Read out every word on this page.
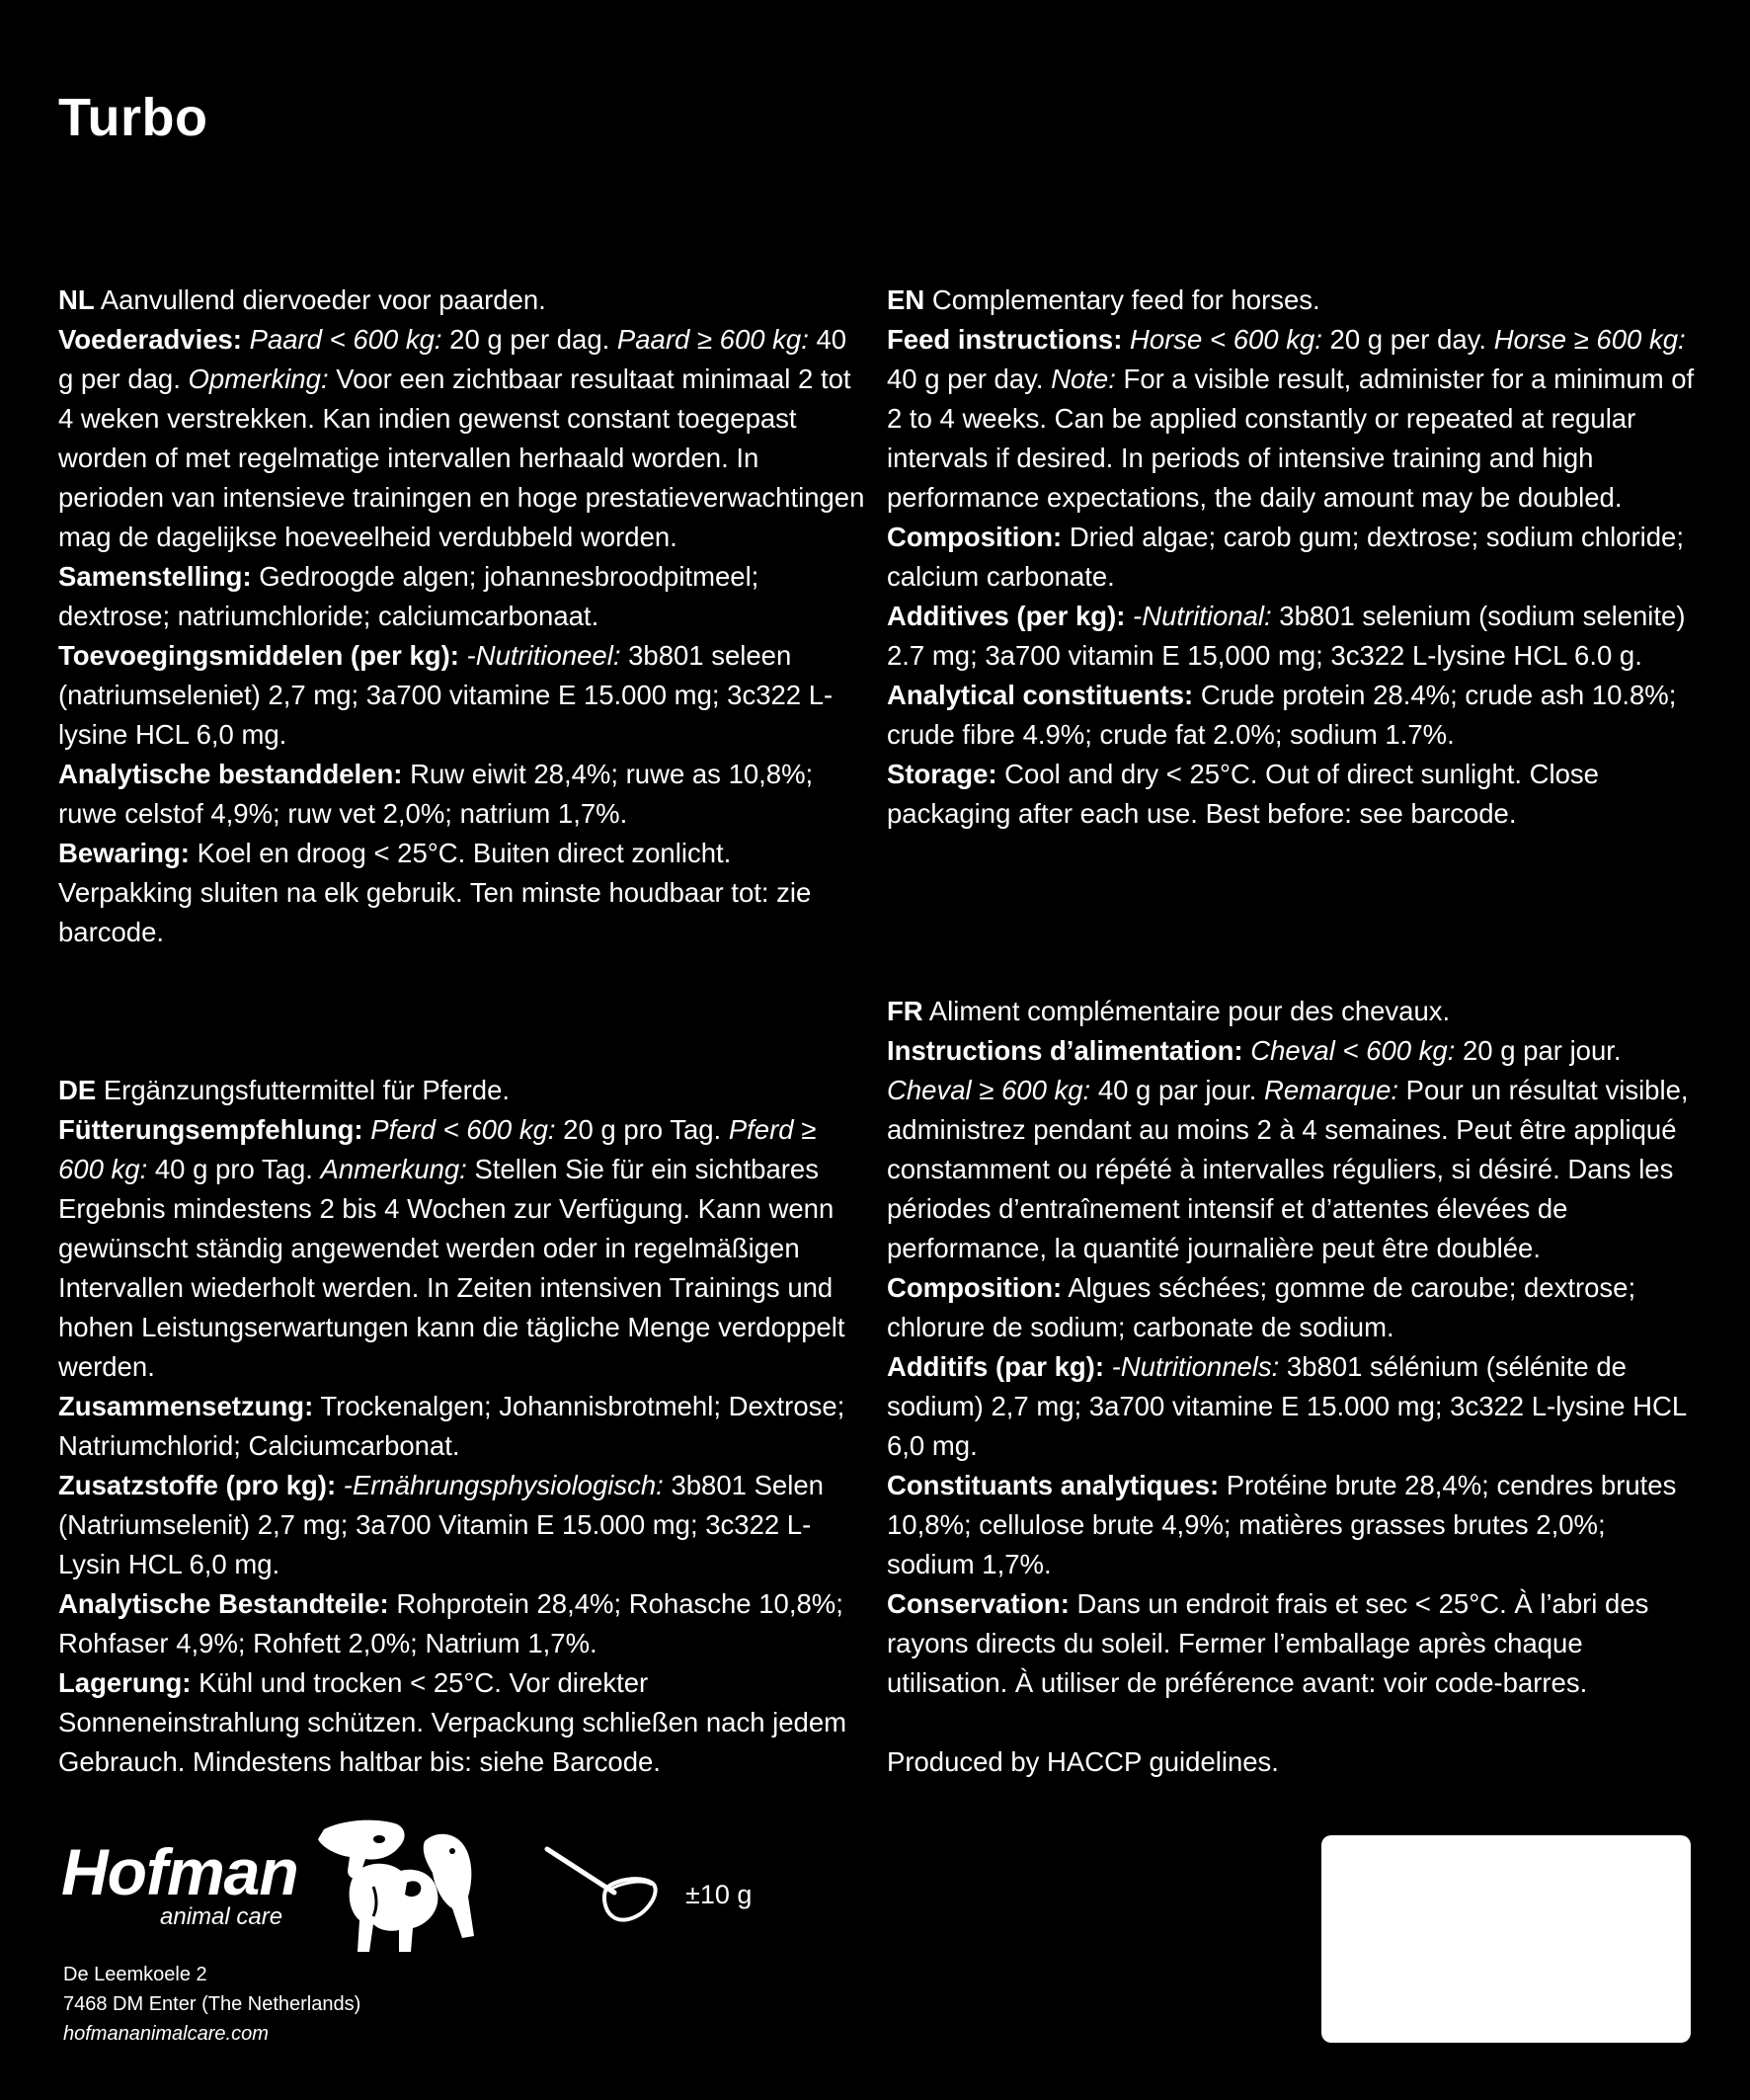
Turbo

NL Aanvullend diervoeder voor paarden.

Voederadvies: Paard < 600 kg: 20 g per dag. Paard ≥ 600 kg: 40 g per dag. Opmerking: Voor een zichtbaar resultaat minimaal 2 tot 4 weken verstrekken. Kan indien gewenst constant toegepast worden of met regelmatige intervallen herhaald worden. In perioden van intensieve trainingen en hoge prestatieverwachtingen mag de dagelijkse hoeveelheid verdubbeld worden.

Samenstelling: Gedroogde algen; johannesbroodpitmeel; dextrose; natriumchloride; calciumcarbonaat.

Toevoegingsmiddelen (per kg): -Nutritioneel: 3b801 seleen (natriumseleniet) 2,7 mg; 3a700 vitamine E 15.000 mg; 3c322 L-lysine HCL 6,0 mg.

Analytische bestanddelen: Ruw eiwit 28,4%; ruwe as 10,8%; ruwe celstof 4,9%; ruw vet 2,0%; natrium 1,7%.

Bewaring: Koel en droog < 25°C. Buiten direct zonlicht. Verpakking sluiten na elk gebruik. Ten minste houdbaar tot: zie barcode.

DE Ergänzungsfuttermittel für Pferde.

Fütterungsempfehlung: Pferd < 600 kg: 20 g pro Tag. Pferd ≥ 600 kg: 40 g pro Tag. Anmerkung: Stellen Sie für ein sichtbares Ergebnis mindestens 2 bis 4 Wochen zur Verfügung. Kann wenn gewünscht ständig angewendet werden oder in regelmäßigen Intervallen wiederholt werden. In Zeiten intensiven Trainings und hohen Leistungserwartungen kann die tägliche Menge verdoppelt werden.

Zusammensetzung: Trockenalgen; Johannisbrotmehl; Dextrose; Natriumchlorid; Calciumcarbonat.

Zusatzstoffe (pro kg): -Ernährungsphysiologisch: 3b801 Selen (Natriumselenit) 2,7 mg; 3a700 Vitamin E 15.000 mg; 3c322 L-Lysin HCL 6,0 mg.

Analytische Bestandteile: Rohprotein 28,4%; Rohasche 10,8%; Rohfaser 4,9%; Rohfett 2,0%; Natrium 1,7%.

Lagerung: Kühl und trocken < 25°C. Vor direkter Sonneneinstrahlung schützen. Verpackung schließen nach jedem Gebrauch. Mindestens haltbar bis: siehe Barcode.

EN Complementary feed for horses.

Feed instructions: Horse < 600 kg: 20 g per day. Horse ≥ 600 kg: 40 g per day. Note: For a visible result, administer for a minimum of 2 to 4 weeks. Can be applied constantly or repeated at regular intervals if desired. In periods of intensive training and high performance expectations, the daily amount may be doubled.

Composition: Dried algae; carob gum; dextrose; sodium chloride; calcium carbonate.

Additives (per kg): -Nutritional: 3b801 selenium (sodium selenite) 2.7 mg; 3a700 vitamin E 15,000 mg; 3c322 L-lysine HCL 6.0 g.

Analytical constituents: Crude protein 28.4%; crude ash 10.8%; crude fibre 4.9%; crude fat 2.0%; sodium 1.7%.

Storage: Cool and dry < 25°C. Out of direct sunlight. Close packaging after each use. Best before: see barcode.

FR Aliment complémentaire pour des chevaux.

Instructions d’alimentation: Cheval < 600 kg: 20 g par jour. Cheval ≥ 600 kg: 40 g par jour. Remarque: Pour un résultat visible, administrez pendant au moins 2 à 4 semaines. Peut être appliqué constamment ou répété à intervalles réguliers, si désiré. Dans les périodes d’entraînement intensif et d’attentes élevées de performance, la quantité journalière peut être doublée.

Composition: Algues séchées; gomme de caroube; dextrose; chlorure de sodium; carbonate de sodium.

Additifs (par kg): -Nutritionnels: 3b801 sélénium (sélénite de sodium) 2,7 mg; 3a700 vitamine E 15.000 mg; 3c322 L-lysine HCL 6,0 mg.

Constituants analytiques: Protéine brute 28,4%; cendres brutes 10,8%; cellulose brute 4,9%; matières grasses brutes 2,0%; sodium 1,7%.

Conservation: Dans un endroit frais et sec < 25°C. À l’abri des rayons directs du soleil. Fermer l’emballage après chaque utilisation. À utiliser de préférence avant: voir code-barres.

Produced by HACCP guidelines.

Hofman
animal care
±10 g

De Leemkoele 2

7468 DM Enter (The Netherlands)

hofmananimalcare.com
